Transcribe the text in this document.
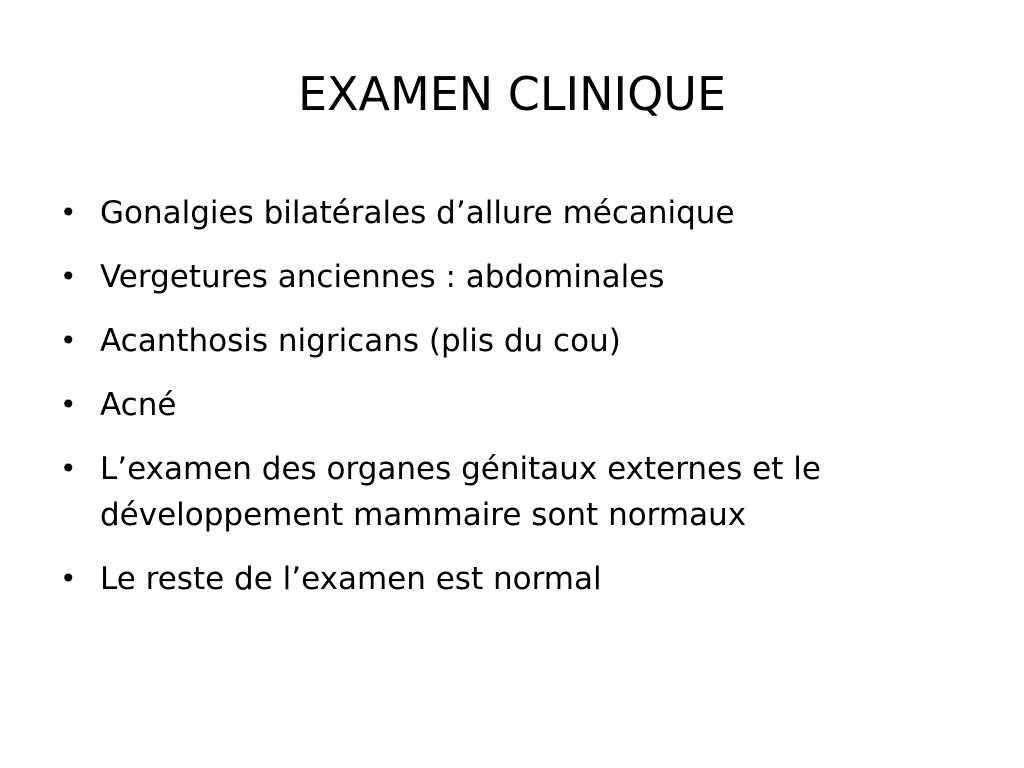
EXAMEN CLINIQUE
• Gonalgies bilatérales d’allure mécanique
• Vergetures anciennes : abdominales
• Acanthosis nigricans (plis du cou)
• Acné
• L’examen des organes génitaux externes et le développement mammaire sont normaux
• Le reste de l’examen est normal
